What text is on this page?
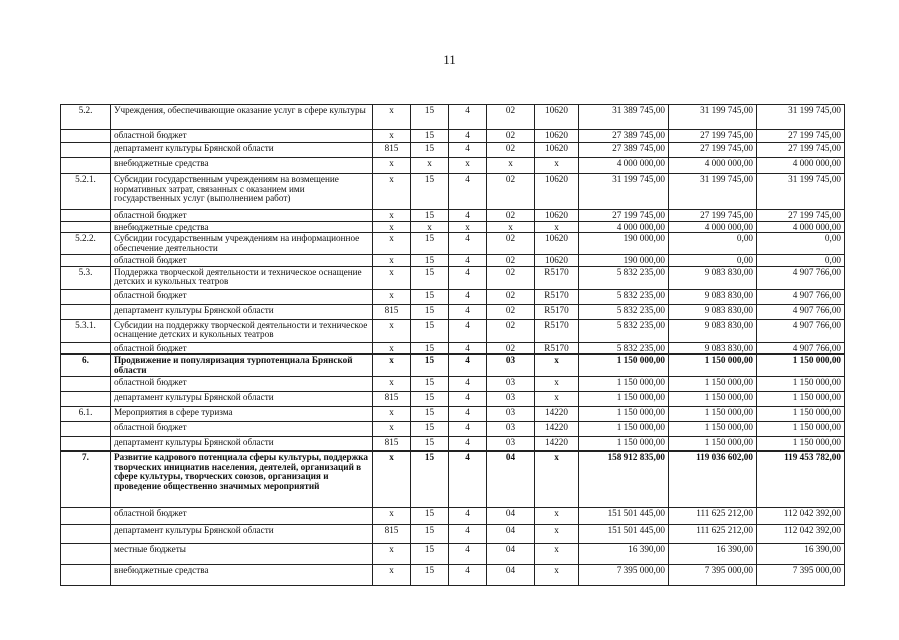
11
5.2.	Учреждения, обеспечивающие оказание услуг в сфере культуры	x	15	4	02	10620	31 389 745,00	31 199 745,00	31 199 745,00
	областной бюджет	x	15	4	02	10620	27 389 745,00	27 199 745,00	27 199 745,00
	департамент культуры Брянской области	815	15	4	02	10620	27 389 745,00	27 199 745,00	27 199 745,00
	внебюджетные средства	x	x	x	x	x	4 000 000,00	4 000 000,00	4 000 000,00
5.2.1.	Субсидии государственным учреждениям на возмещение нормативных затрат, связанных с оказанием ими государственных услуг (выполнением работ)	x	15	4	02	10620	31 199 745,00	31 199 745,00	31 199 745,00
	областной бюджет	x	15	4	02	10620	27 199 745,00	27 199 745,00	27 199 745,00
	внебюджетные средства	x	x	x	x	x	4 000 000,00	4 000 000,00	4 000 000,00
5.2.2.	Субсидии государственным учреждениям на информационное обеспечение деятельности	x	15	4	02	10620	190 000,00	0,00	0,00
	областной бюджет	x	15	4	02	10620	190 000,00	0,00	0,00
5.3.	Поддержка творческой деятельности и техническое оснащение детских и кукольных театров	x	15	4	02	R5170	5 832 235,00	9 083 830,00	4 907 766,00
	областной бюджет	x	15	4	02	R5170	5 832 235,00	9 083 830,00	4 907 766,00
	департамент культуры Брянской области	815	15	4	02	R5170	5 832 235,00	9 083 830,00	4 907 766,00
5.3.1.	Субсидии на поддержку творческой деятельности и техническое оснащение детских и кукольных театров	x	15	4	02	R5170	5 832 235,00	9 083 830,00	4 907 766,00
	областной бюджет	x	15	4	02	R5170	5 832 235,00	9 083 830,00	4 907 766,00
6.	Продвижение и популяризация турпотенциала Брянской области	x	15	4	03	x	1 150 000,00	1 150 000,00	1 150 000,00
	областной бюджет	x	15	4	03	x	1 150 000,00	1 150 000,00	1 150 000,00
	департамент культуры Брянской области	815	15	4	03	x	1 150 000,00	1 150 000,00	1 150 000,00
6.1.	Мероприятия в сфере туризма	x	15	4	03	14220	1 150 000,00	1 150 000,00	1 150 000,00
	областной бюджет	x	15	4	03	14220	1 150 000,00	1 150 000,00	1 150 000,00
	департамент культуры Брянской области	815	15	4	03	14220	1 150 000,00	1 150 000,00	1 150 000,00
7.	Развитие кадрового потенциала сферы культуры, поддержка творческих инициатив населения, деятелей, организаций в сфере культуры, творческих союзов, организация и проведение общественно значимых мероприятий	x	15	4	04	x	158 912 835,00	119 036 602,00	119 453 782,00
	областной бюджет	x	15	4	04	x	151 501 445,00	111 625 212,00	112 042 392,00
	департамент культуры Брянской области	815	15	4	04	x	151 501 445,00	111 625 212,00	112 042 392,00
	местные бюджеты	x	15	4	04	x	16 390,00	16 390,00	16 390,00
	внебюджетные средства	x	15	4	04	x	7 395 000,00	7 395 000,00	7 395 000,00
